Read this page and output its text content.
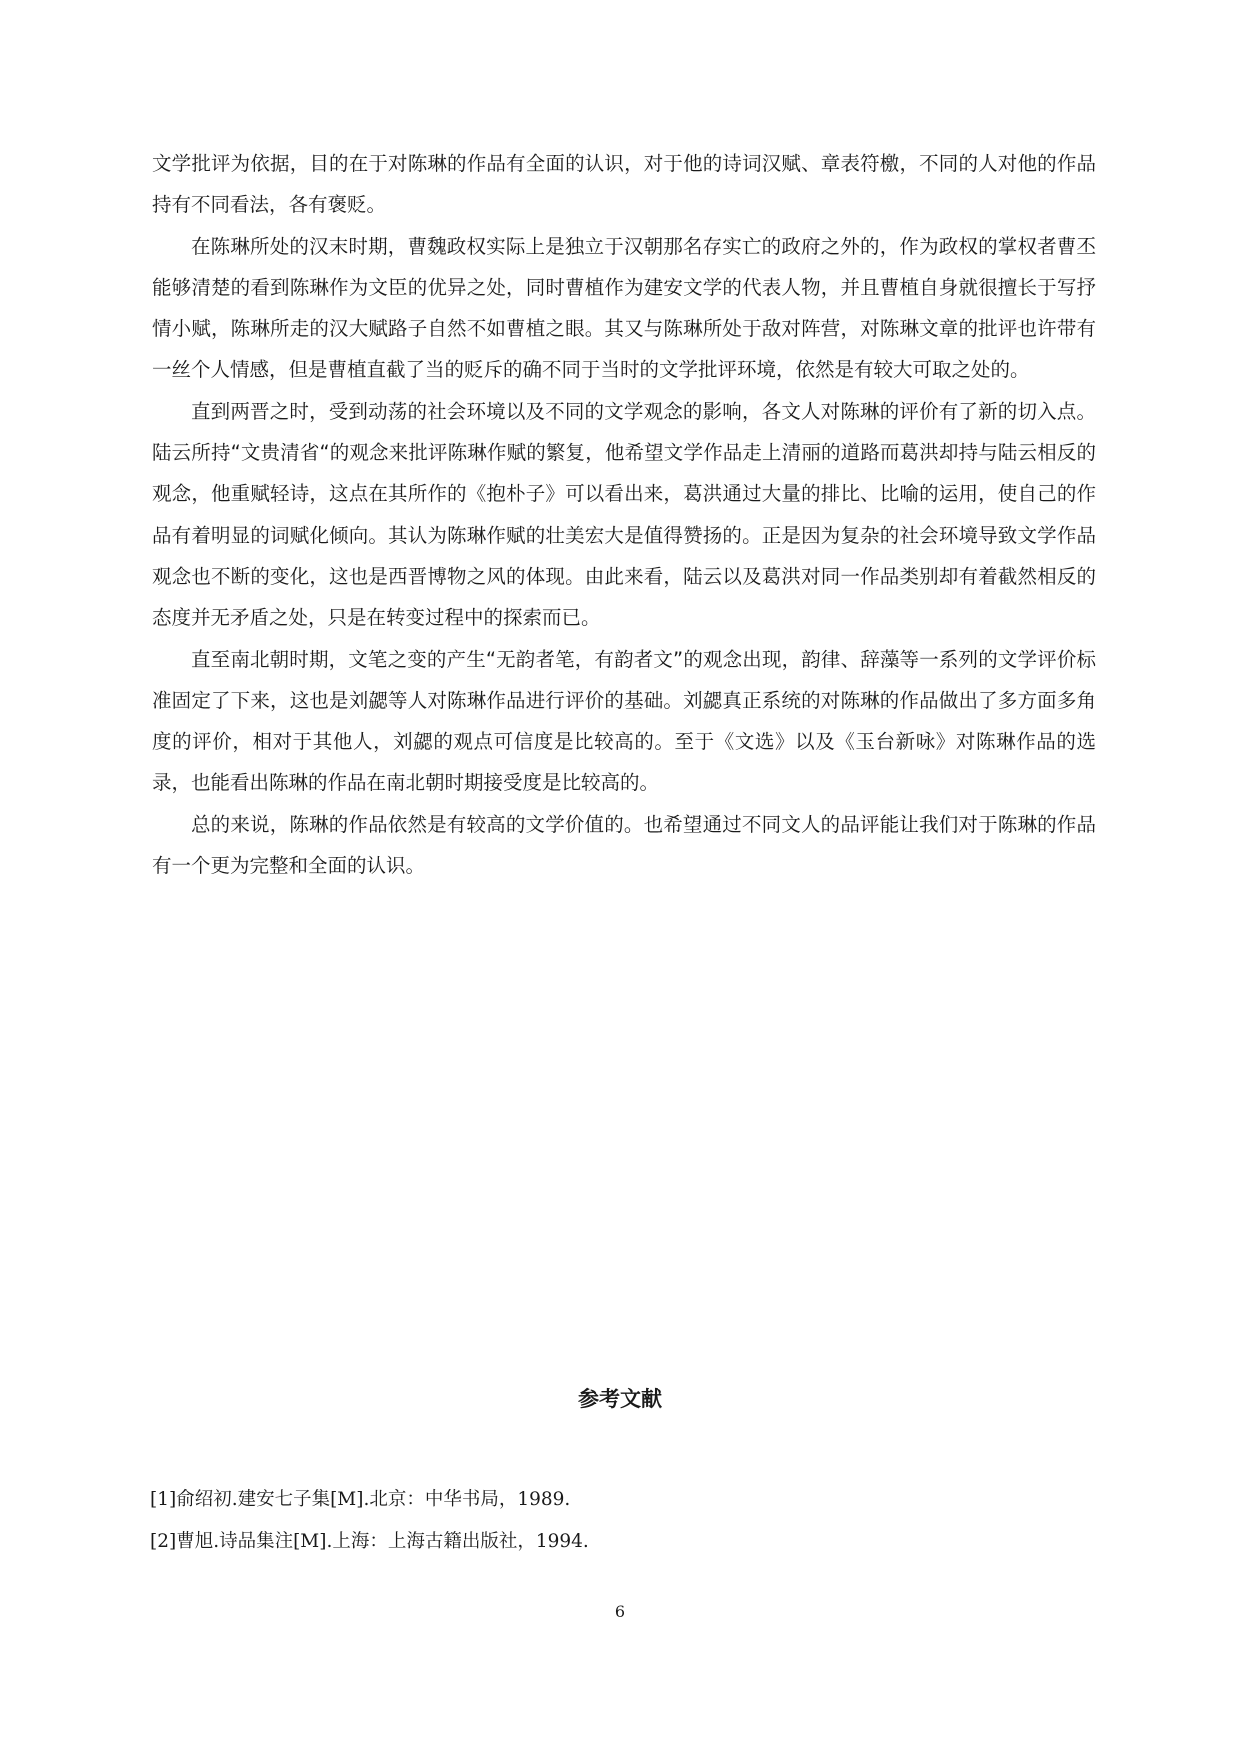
文学批评为依据，目的在于对陈琳的作品有全面的认识，对于他的诗词汉赋、章表符檄，不同的人对他的作品持有不同看法，各有褒贬。

在陈琳所处的汉末时期，曹魏政权实际上是独立于汉朝那名存实亡的政府之外的，作为政权的掌权者曹丕能够清楚的看到陈琳作为文臣的优异之处，同时曹植作为建安文学的代表人物，并且曹植自身就很擅长于写抒情小赋，陈琳所走的汉大赋路子自然不如曹植之眼。其又与陈琳所处于敌对阵营，对陈琳文章的批评也许带有一丝个人情感，但是曹植直截了当的贬斥的确不同于当时的文学批评环境，依然是有较大可取之处的。

直到两晋之时，受到动荡的社会环境以及不同的文学观念的影响，各文人对陈琳的评价有了新的切入点。陆云所持“文贵清省“的观念来批评陈琳作赋的繁复，他希望文学作品走上清丽的道路而葛洪却持与陆云相反的观念，他重赋轻诗，这点在其所作的《抱朴子》可以看出来，葛洪通过大量的排比、比喻的运用，使自己的作品有着明显的词赋化倾向。其认为陈琳作赋的壮美宏大是值得赞扬的。正是因为复杂的社会环境导致文学作品观念也不断的变化，这也是西晋博物之风的体现。由此来看，陆云以及葛洪对同一作品类别却有着截然相反的态度并无矛盾之处，只是在转变过程中的探索而已。

直至南北朝时期，文笔之变的产生“无韵者笔，有韵者文”的观念出现，韵律、辞藻等一系列的文学评价标准固定了下来，这也是刘勰等人对陈琳作品进行评价的基础。刘勰真正系统的对陈琳的作品做出了多方面多角度的评价，相对于其他人，刘勰的观点可信度是比较高的。至于《文选》以及《玉台新咏》对陈琳作品的选录，也能看出陈琳的作品在南北朝时期接受度是比较高的。

总的来说，陈琳的作品依然是有较高的文学价值的。也希望通过不同文人的品评能让我们对于陈琳的作品有一个更为完整和全面的认识。

参考文献
[1]俞绍初.建安七子集[M].北京：中华书局，1989.
[2]曹旭.诗品集注[M].上海：上海古籍出版社，1994.
6
